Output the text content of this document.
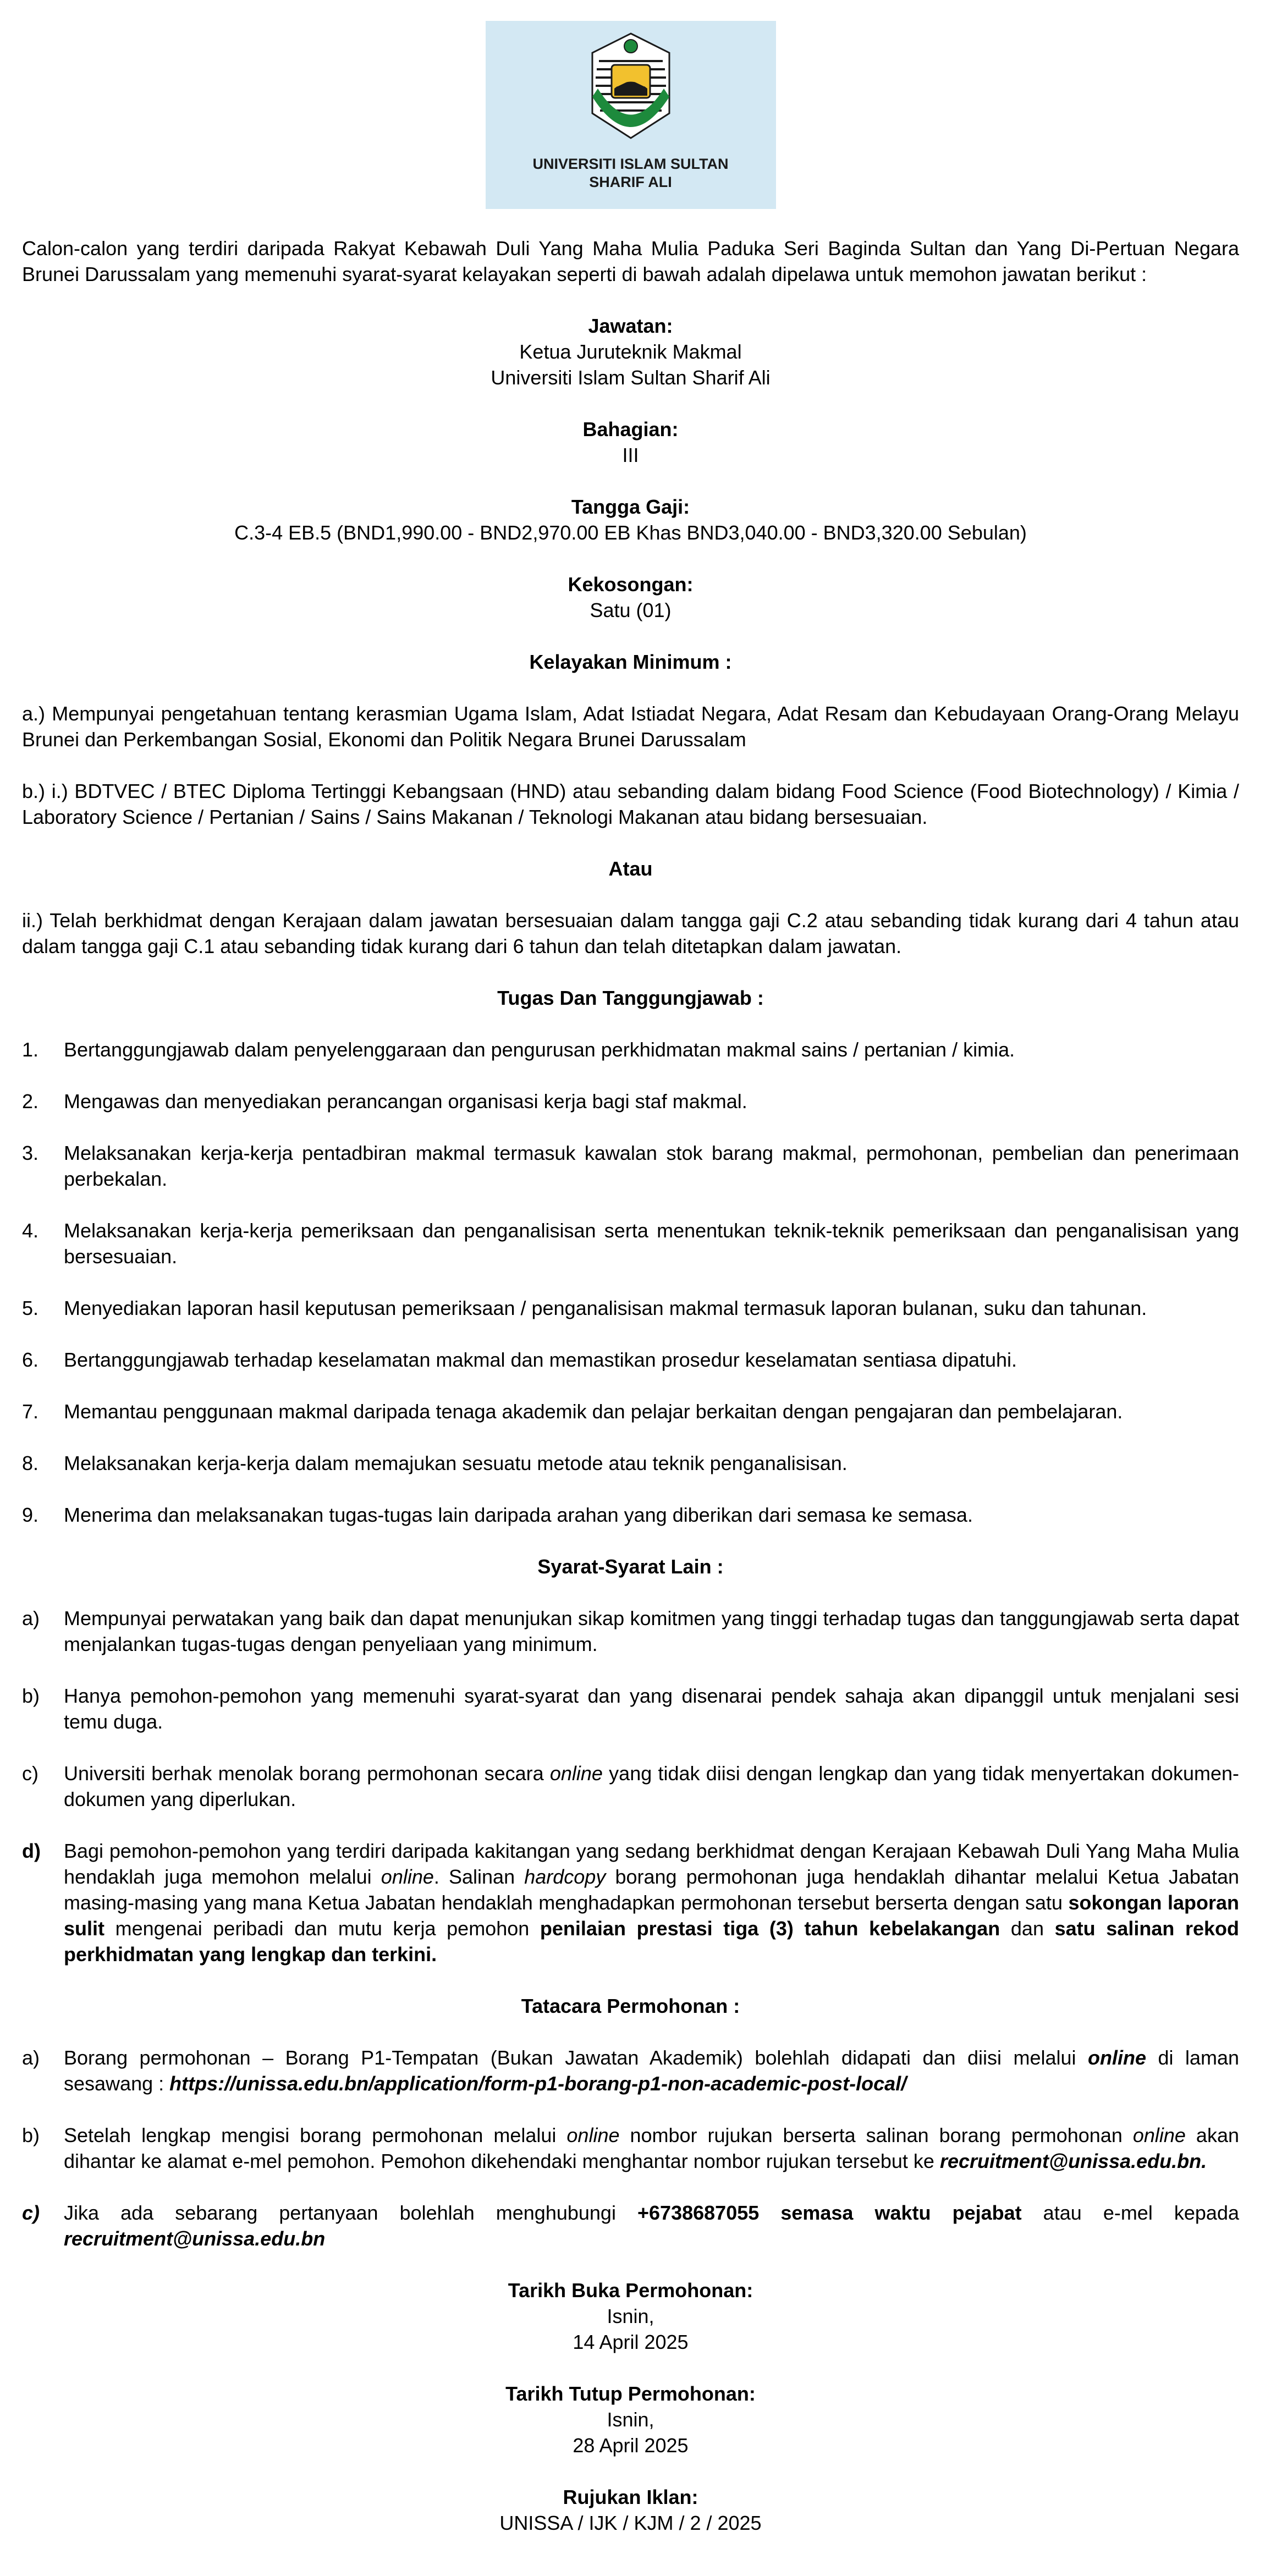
UNIVERSITI ISLAM SULTAN
SHARIF ALI

Calon-calon yang terdiri daripada Rakyat Kebawah Duli Yang Maha Mulia Paduka Seri Baginda Sultan dan Yang Di-Pertuan Negara Brunei Darussalam yang memenuhi syarat-syarat kelayakan seperti di bawah adalah dipelawa untuk memohon jawatan berikut :

Jawatan:
Ketua Juruteknik Makmal
Universiti Islam Sultan Sharif Ali
Bahagian:
III
Tangga Gaji:
C.3-4 EB.5 (BND1,990.00 - BND2,970.00 EB Khas BND3,040.00 - BND3,320.00 Sebulan)
Kekosongan:
Satu (01)
Kelayakan Minimum :

a.) Mempunyai pengetahuan tentang kerasmian Ugama Islam, Adat Istiadat Negara, Adat Resam dan Kebudayaan Orang-Orang Melayu Brunei dan Perkembangan Sosial, Ekonomi dan Politik Negara Brunei Darussalam

b.) i.) BDTVEC / BTEC Diploma Tertinggi Kebangsaan (HND) atau sebanding dalam bidang Food Science (Food Biotechnology) / Kimia / Laboratory Science / Pertanian / Sains / Sains Makanan / Teknologi Makanan atau bidang bersesuaian.

Atau

ii.) Telah berkhidmat dengan Kerajaan dalam jawatan bersesuaian dalam tangga gaji C.2 atau sebanding tidak kurang dari 4 tahun atau dalam tangga gaji C.1 atau sebanding tidak kurang dari 6 tahun dan telah ditetapkan dalam jawatan.

Tugas Dan Tanggungjawab :
1.	Bertanggungjawab dalam penyelenggaraan dan pengurusan perkhidmatan makmal sains / pertanian / kimia.
2.	Mengawas dan menyediakan perancangan organisasi kerja bagi staf makmal.
3.	Melaksanakan kerja-kerja pentadbiran makmal termasuk kawalan stok barang makmal, permohonan, pembelian dan penerimaan perbekalan.
4.	Melaksanakan kerja-kerja pemeriksaan dan penganalisisan serta menentukan teknik-teknik pemeriksaan dan penganalisisan yang bersesuaian.
5.	Menyediakan laporan hasil keputusan pemeriksaan / penganalisisan makmal termasuk laporan bulanan, suku dan tahunan.
6.	Bertanggungjawab terhadap keselamatan makmal dan memastikan prosedur keselamatan sentiasa dipatuhi.
7.	Memantau penggunaan makmal daripada tenaga akademik dan pelajar berkaitan dengan pengajaran dan pembelajaran.
8.	Melaksanakan kerja-kerja dalam memajukan sesuatu metode atau teknik penganalisisan.
9.	Menerima dan melaksanakan tugas-tugas lain daripada arahan yang diberikan dari semasa ke semasa.
Syarat-Syarat Lain :
a)	Mempunyai perwatakan yang baik dan dapat menunjukan sikap komitmen yang tinggi terhadap tugas dan tanggungjawab serta dapat menjalankan tugas-tugas dengan penyeliaan yang minimum.
b)	Hanya pemohon-pemohon yang memenuhi syarat-syarat dan yang disenarai pendek sahaja akan dipanggil untuk menjalani sesi temu duga.
c)	Universiti berhak menolak borang permohonan secara online yang tidak diisi dengan lengkap dan yang tidak menyertakan dokumen-dokumen yang diperlukan.
d)	Bagi pemohon-pemohon yang terdiri daripada kakitangan yang sedang berkhidmat dengan Kerajaan Kebawah Duli Yang Maha Mulia hendaklah juga memohon melalui online. Salinan hardcopy borang permohonan juga hendaklah dihantar melalui Ketua Jabatan masing-masing yang mana Ketua Jabatan hendaklah menghadapkan permohonan tersebut berserta dengan satu sokongan laporan sulit mengenai peribadi dan mutu kerja pemohon penilaian prestasi tiga (3) tahun kebelakangan dan satu salinan rekod perkhidmatan yang lengkap dan terkini.
Tatacara Permohonan :
a)	Borang permohonan – Borang P1-Tempatan (Bukan Jawatan Akademik) bolehlah didapati dan diisi melalui online di laman sesawang : https://unissa.edu.bn/application/form-p1-borang-p1-non-academic-post-local/
b)	Setelah lengkap mengisi borang permohonan melalui online nombor rujukan berserta salinan borang permohonan online akan dihantar ke alamat e-mel pemohon. Pemohon dikehendaki menghantar nombor rujukan tersebut ke recruitment@unissa.edu.bn.
c)	Jika ada sebarang pertanyaan bolehlah menghubungi +6738687055 semasa waktu pejabat atau e-mel kepada recruitment@unissa.edu.bn
Tarikh Buka Permohonan:
Isnin,
14 April 2025
Tarikh Tutup Permohonan:
Isnin,
28 April 2025
Rujukan Iklan:
UNISSA / IJK / KJM / 2 / 2025
